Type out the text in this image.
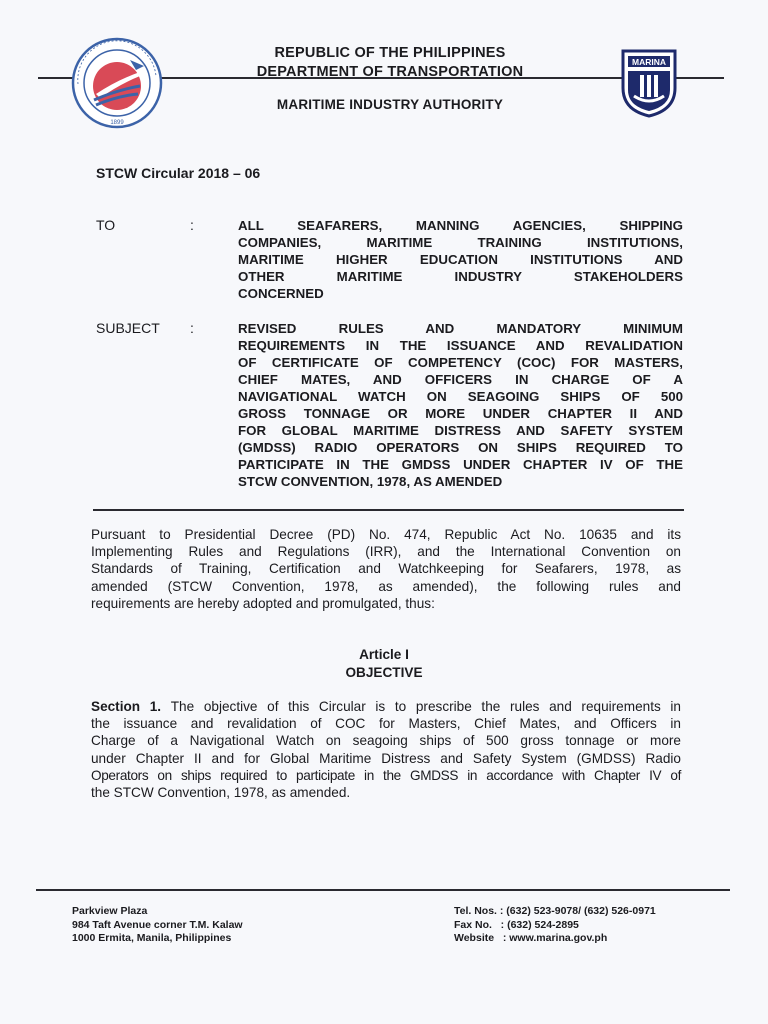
1899
REPUBLIC OF THE PHILIPPINES
DEPARTMENT OF TRANSPORTATION
MARITIME INDUSTRY AUTHORITY
MARINA
STCW Circular 2018 – 06
TO	:	ALL SEAFARERS, MANNING AGENCIES, SHIPPING
COMPANIES, MARITIME TRAINING INSTITUTIONS,
MARITIME HIGHER EDUCATION INSTITUTIONS AND
OTHER MARITIME INDUSTRY STAKEHOLDERS
CONCERNED
SUBJECT :	REVISED RULES AND MANDATORY MINIMUM
REQUIREMENTS IN THE ISSUANCE AND REVALIDATION
OF CERTIFICATE OF COMPETENCY (COC) FOR MASTERS,
CHIEF MATES, AND OFFICERS IN CHARGE OF A
NAVIGATIONAL WATCH ON SEAGOING SHIPS OF 500
GROSS TONNAGE OR MORE UNDER CHAPTER II AND
FOR GLOBAL MARITIME DISTRESS AND SAFETY SYSTEM
(GMDSS) RADIO OPERATORS ON SHIPS REQUIRED TO
PARTICIPATE IN THE GMDSS UNDER CHAPTER IV OF THE
STCW CONVENTION, 1978, AS AMENDED
Pursuant to Presidential Decree (PD) No. 474, Republic Act No. 10635 and its
Implementing Rules and Regulations (IRR), and the International Convention on
Standards of Training, Certification and Watchkeeping for Seafarers, 1978, as
amended (STCW Convention, 1978, as amended), the following rules and
requirements are hereby adopted and promulgated, thus:
Article I
OBJECTIVE
Section 1. The objective of this Circular is to prescribe the rules and requirements in
the issuance and revalidation of COC for Masters, Chief Mates, and Officers in
Charge of a Navigational Watch on seagoing ships of 500 gross tonnage or more
under Chapter II and for Global Maritime Distress and Safety System (GMDSS) Radio
Operators on ships required to participate in the GMDSS in accordance with Chapter IV of
the STCW Convention, 1978, as amended.
Parkview Plaza
984 Taft Avenue corner T.M. Kalaw
1000 Ermita, Manila, Philippines
Tel. Nos. : (632) 523-9078/ (632) 526-0971
Fax No.   : (632) 524-2895
Website   : www.marina.gov.ph
